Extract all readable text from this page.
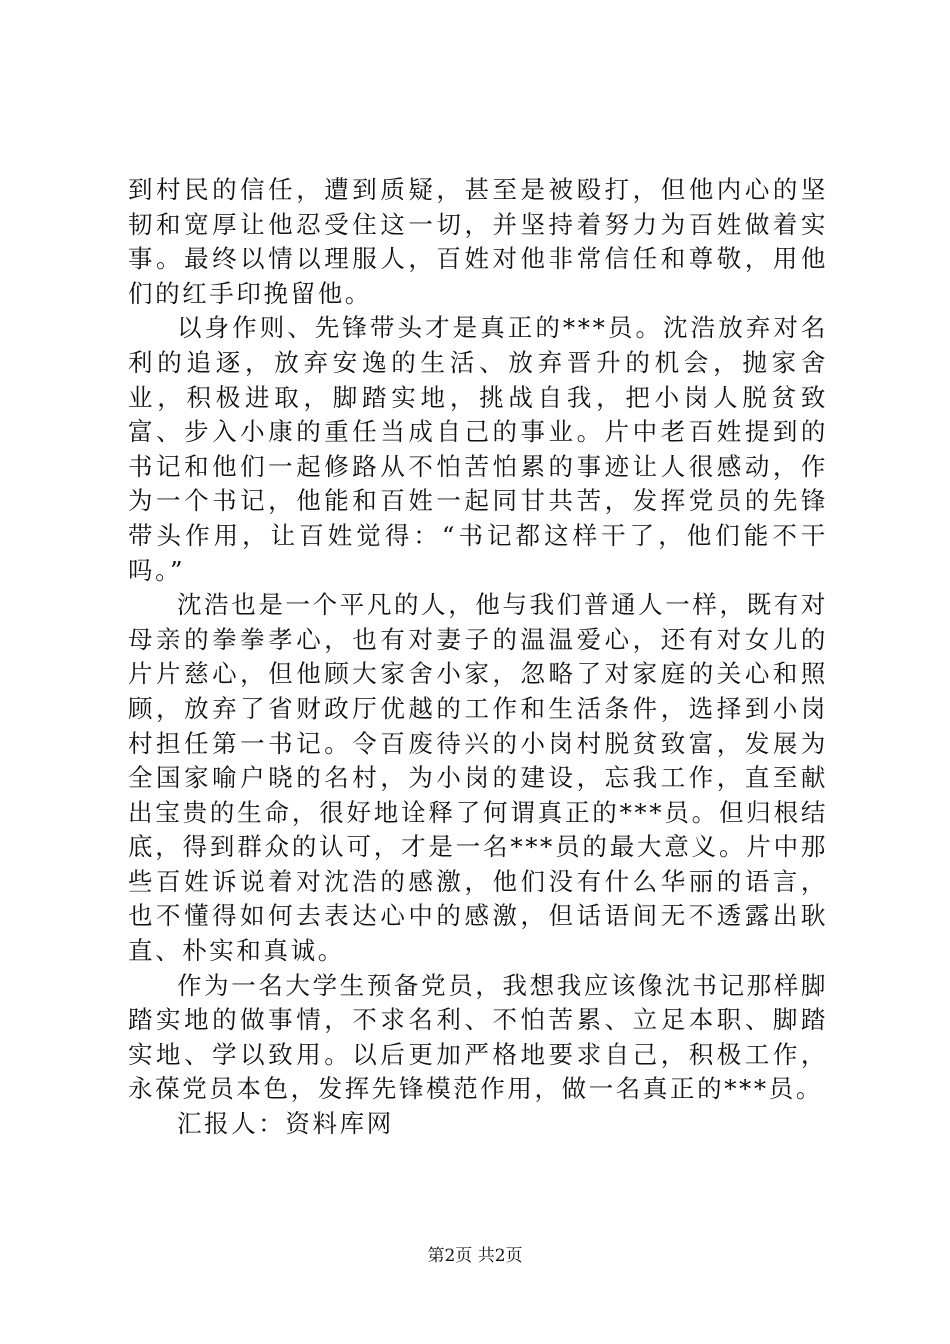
到村民的信任，遭到质疑，甚至是被殴打，但他内心的坚韧和宽厚让他忍受住这一切，并坚持着努力为百姓做着实事。最终以情以理服人，百姓对他非常信任和尊敬，用他们的红手印挽留他。

以身作则、先锋带头才是真正的***员。沈浩放弃对名利的追逐，放弃安逸的生活、放弃晋升的机会，抛家舍业，积极进取，脚踏实地，挑战自我，把小岗人脱贫致富、步入小康的重任当成自己的事业。片中老百姓提到的书记和他们一起修路从不怕苦怕累的事迹让人很感动，作为一个书记，他能和百姓一起同甘共苦，发挥党员的先锋带头作用，让百姓觉得：“书记都这样干了，他们能不干吗。”

沈浩也是一个平凡的人，他与我们普通人一样，既有对母亲的拳拳孝心，也有对妻子的温温爱心，还有对女儿的片片慈心，但他顾大家舍小家，忽略了对家庭的关心和照顾，放弃了省财政厅优越的工作和生活条件，选择到小岗村担任第一书记。令百废待兴的小岗村脱贫致富，发展为全国家喻户晓的名村，为小岗的建设，忘我工作，直至献出宝贵的生命，很好地诠释了何谓真正的***员。但归根结底，得到群众的认可，才是一名***员的最大意义。片中那些百姓诉说着对沈浩的感激，他们没有什么华丽的语言，也不懂得如何去表达心中的感激，但话语间无不透露出耿直、朴实和真诚。

作为一名大学生预备党员，我想我应该像沈书记那样脚踏实地的做事情，不求名利、不怕苦累、立足本职、脚踏实地、学以致用。以后更加严格地要求自己，积极工作，永葆党员本色，发挥先锋模范作用，做一名真正的***员。

汇报人：资料库网

第2页 共2页
